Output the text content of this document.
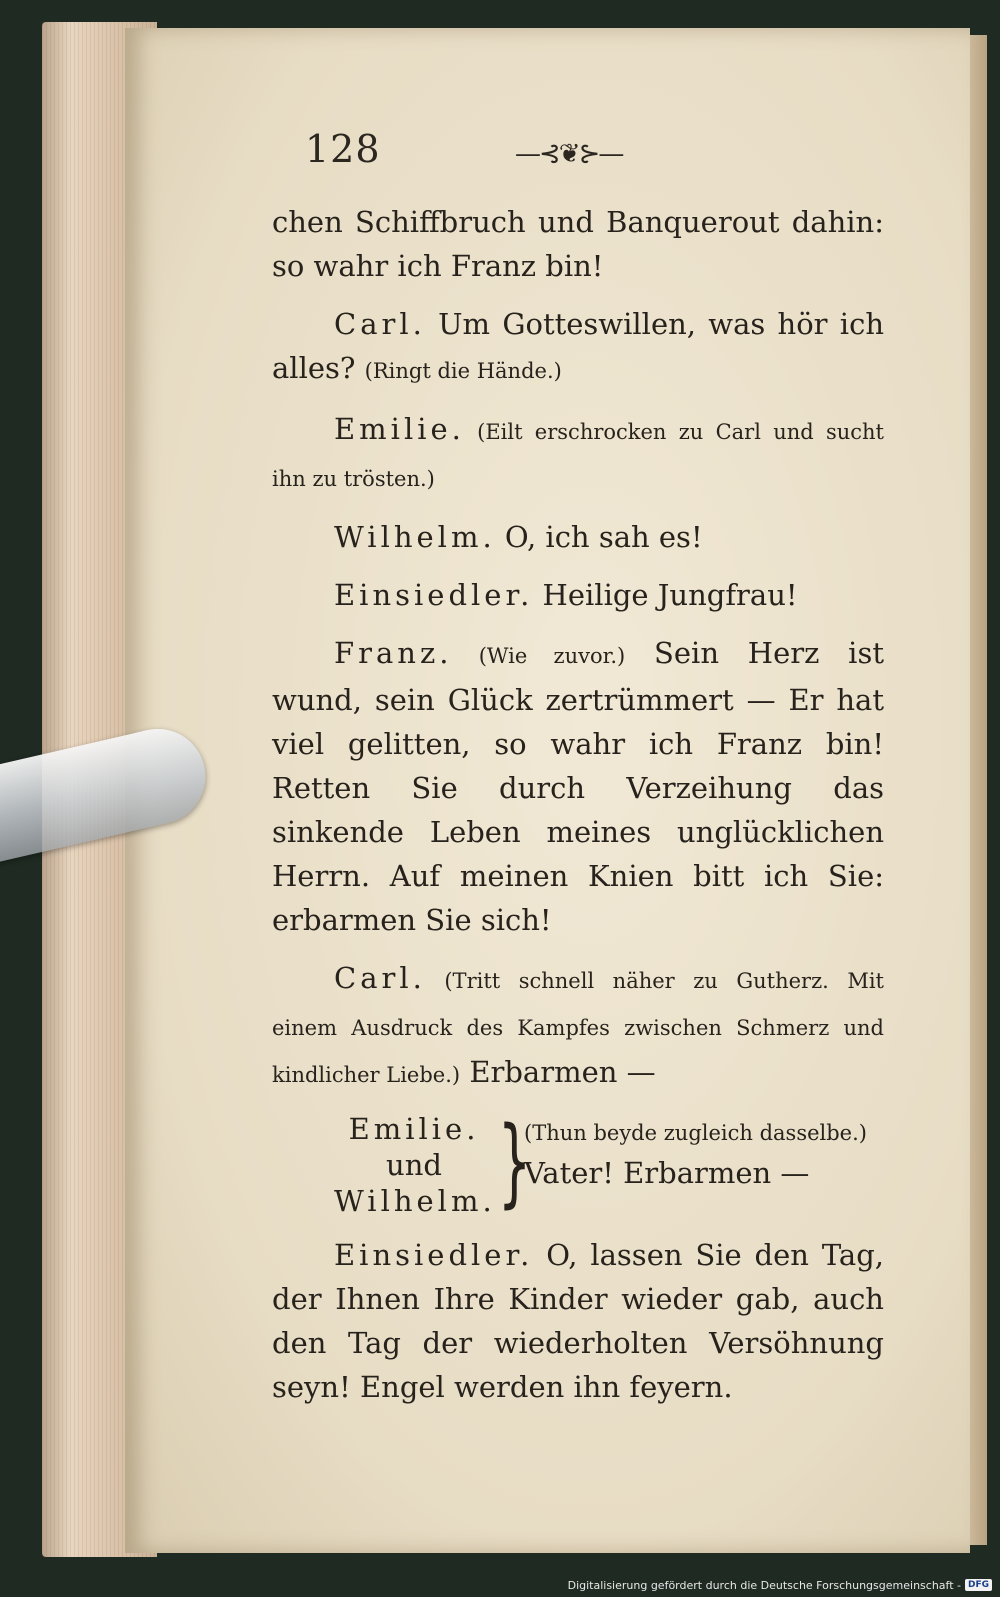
128	—⊰❦⊱—

chen Schiffbruch und Banquerout dahin: so wahr ich Franz bin!

Carl. Um Gotteswillen, was hör ich alles? (Ringt die Hände.)

Emilie. (Eilt erschrocken zu Carl und sucht ihn zu trösten.)

Wilhelm. O, ich sah es!

Einsiedler. Heilige Jungfrau!

Franz. (Wie zuvor.) Sein Herz ist wund, sein Glück zertrümmert — Er hat viel gelitten, so wahr ich Franz bin! Retten Sie durch Verzeihung das sinkende Leben meines unglücklichen Herrn. Auf meinen Knien bitt ich Sie: erbarmen Sie sich!

Carl. (Tritt schnell näher zu Gutherz. Mit einem Ausdruck des Kampfes zwischen Schmerz und kindlicher Liebe.) Erbarmen —

Emilie.
und
Wilhelm. }
(Thun beyde zugleich dasselbe.)
Vater! Erbarmen —

Einsiedler. O, lassen Sie den Tag, der Ihnen Ihre Kinder wieder gab, auch den Tag der wiederholten Versöhnung seyn! Engel werden ihn feyern.

Digitalisierung gefördert durch die Deutsche Forschungsgemeinschaft - DFG
